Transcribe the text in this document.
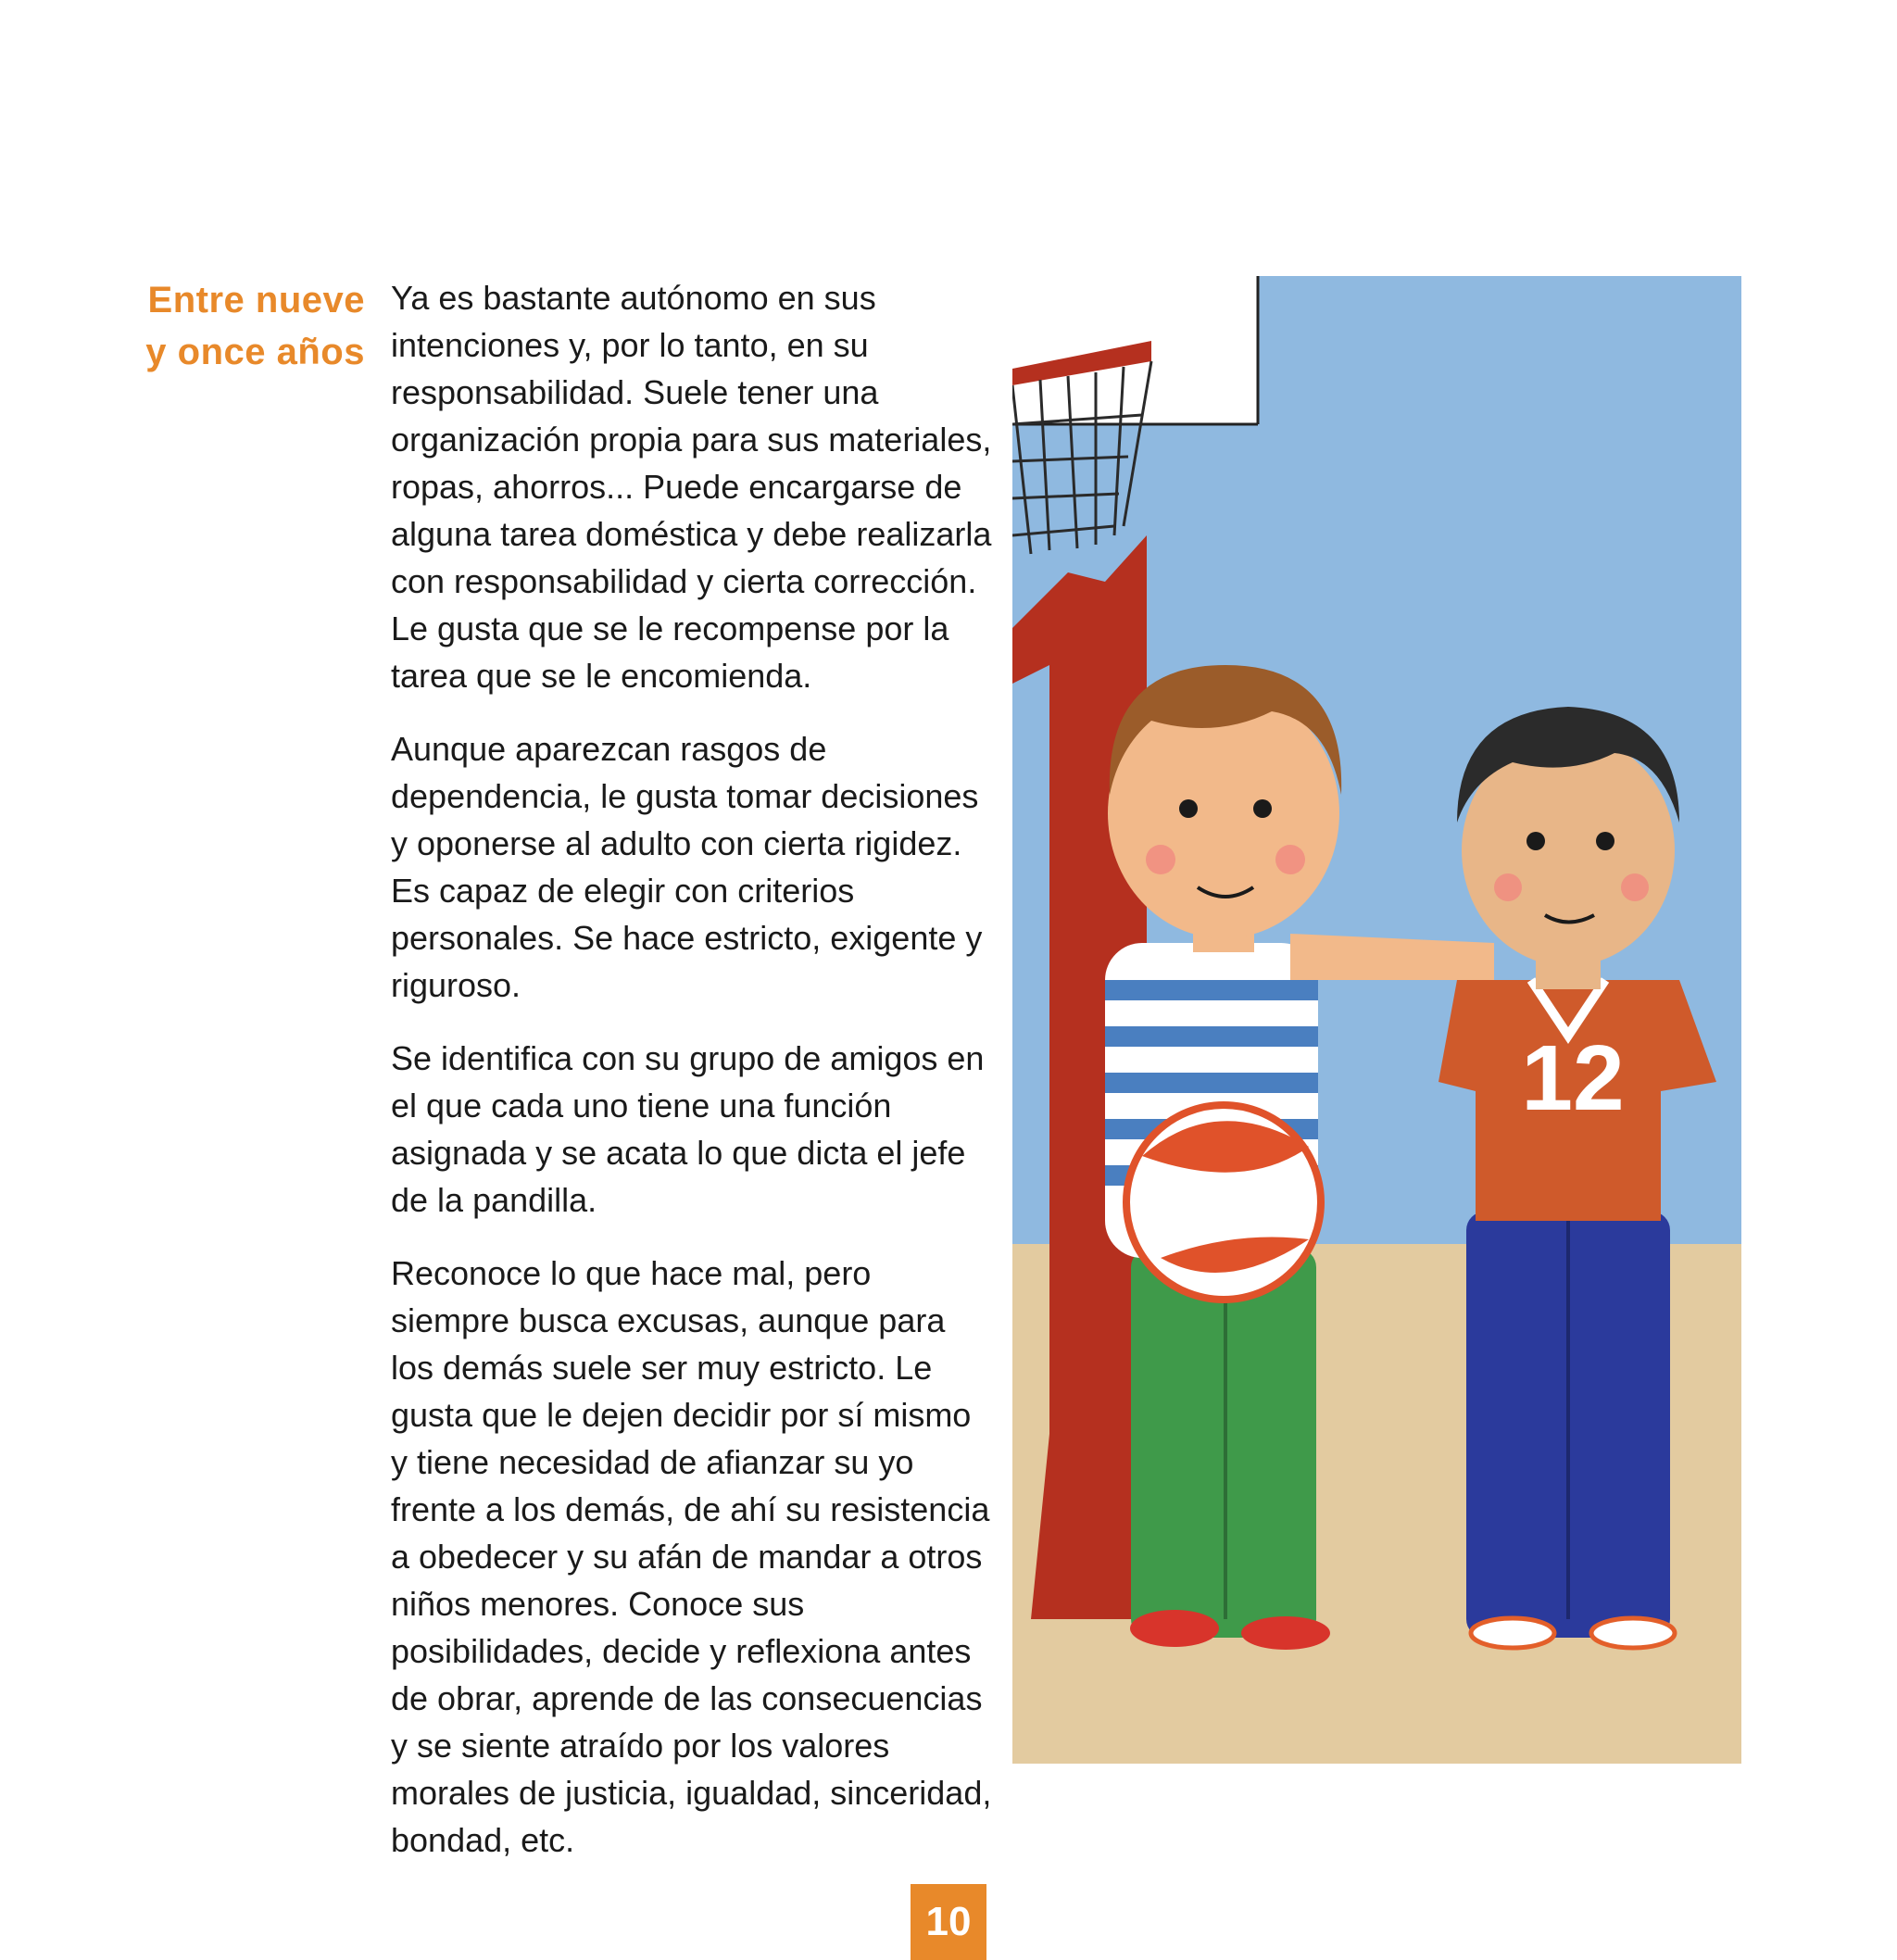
Entre nueve
y once años

Ya es bastante autónomo en sus intenciones y, por lo tanto, en su responsabilidad. Suele tener una organización propia para sus materiales, ropas, ahorros... Puede encargarse de alguna tarea doméstica y debe realizarla con responsabilidad y cierta corrección. Le gusta que se le recompense por la tarea que se le encomienda.

Aunque aparezcan rasgos de dependencia, le gusta tomar decisiones y oponerse al adulto con cierta rigidez. Es capaz de elegir con criterios personales. Se hace estricto, exigente y riguroso.

Se identifica con su grupo de amigos en el que cada uno tiene una función asignada y se acata lo que dicta el jefe de la pandilla.

Reconoce lo que hace mal, pero siempre busca excusas, aunque para los demás suele ser muy estricto. Le gusta que le dejen decidir por sí mismo y tiene necesidad de afianzar su yo frente a los demás, de ahí su resistencia a obedecer y su afán de mandar a otros niños menores. Conoce sus posibilidades, decide y reflexiona antes de obrar, aprende de las consecuencias y se siente atraído por los valores morales de justicia, igualdad, sinceridad, bondad, etc.

12
10
